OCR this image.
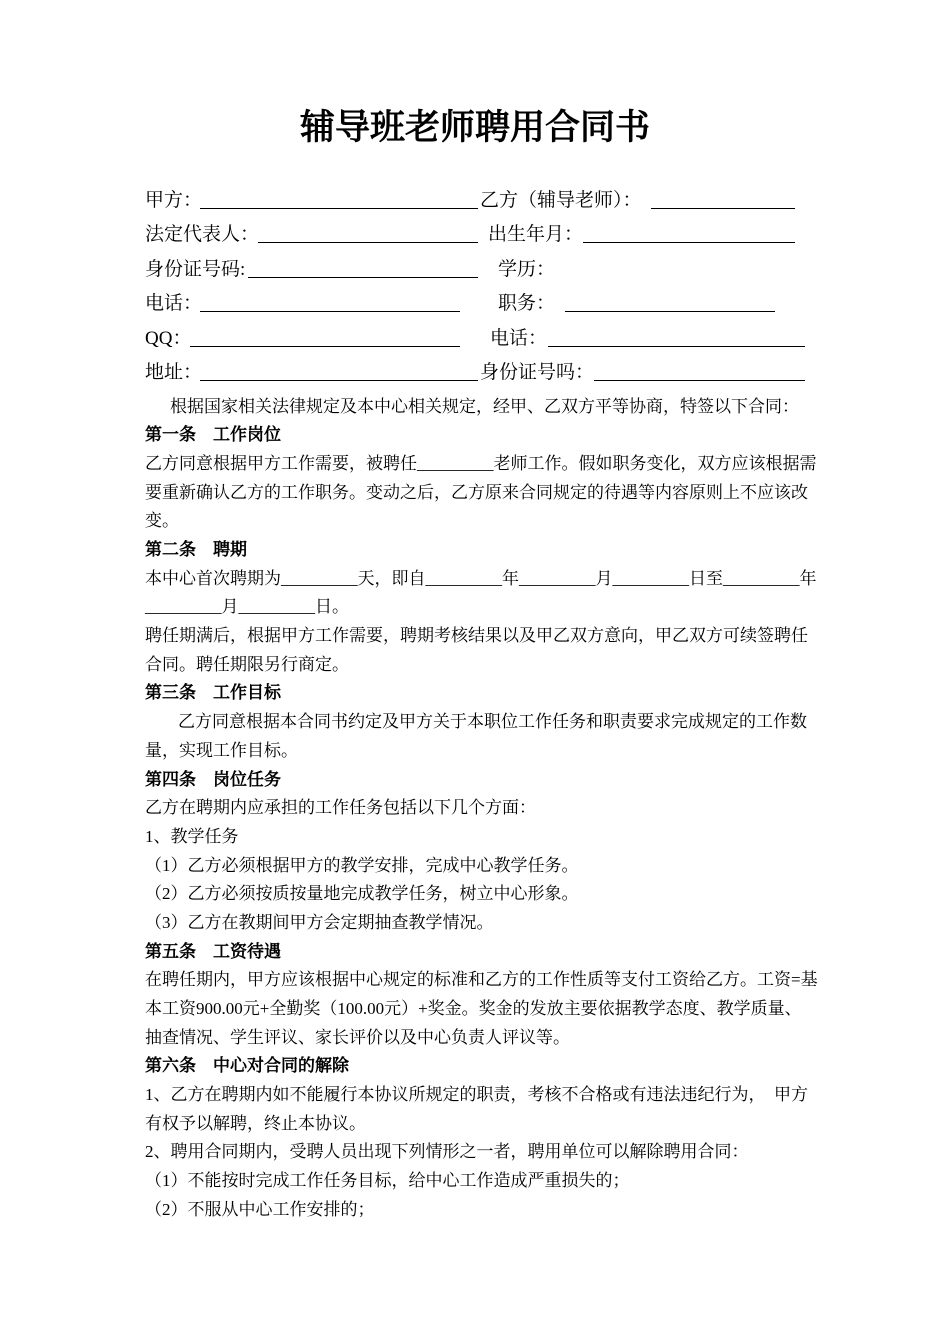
辅导班老师聘用合同书
甲方：	乙方（辅导老师）：
法定代表人：	出生年月：
身份证号码:	学历：
电话：	职务：
QQ：	电话：
地址：	身份证号吗：
根据国家相关法律规定及本中心相关规定，经甲、乙双方平等协商，特签以下合同：
第一条　工作岗位
乙方同意根据甲方工作需要，被聘任_________老师工作。假如职务变化，双方应该根据需
要重新确认乙方的工作职务。变动之后，乙方原来合同规定的待遇等内容原则上不应该改
变。
第二条　聘期
本中心首次聘期为_________天，即自_________年_________月_________日至_________年
_________月_________日。
聘任期满后，根据甲方工作需要，聘期考核结果以及甲乙双方意向，甲乙双方可续签聘任
合同。聘任期限另行商定。
第三条　工作目标
乙方同意根据本合同书约定及甲方关于本职位工作任务和职责要求完成规定的工作数
量，实现工作目标。
第四条　岗位任务
乙方在聘期内应承担的工作任务包括以下几个方面：
1、教学任务
（1）乙方必须根据甲方的教学安排，完成中心教学任务。
（2）乙方必须按质按量地完成教学任务，树立中心形象。
（3）乙方在教期间甲方会定期抽查教学情况。
第五条　工资待遇
在聘任期内，甲方应该根据中心规定的标准和乙方的工作性质等支付工资给乙方。工资=基
本工资900.00元+全勤奖（100.00元）+奖金。奖金的发放主要依据教学态度、教学质量、
抽查情况、学生评议、家长评价以及中心负责人评议等。
第六条　中心对合同的解除
1、乙方在聘期内如不能履行本协议所规定的职责，考核不合格或有违法违纪行为，  甲方
有权予以解聘，终止本协议。
2、聘用合同期内，受聘人员出现下列情形之一者，聘用单位可以解除聘用合同：
（1）不能按时完成工作任务目标，给中心工作造成严重损失的；
（2）不服从中心工作安排的；
